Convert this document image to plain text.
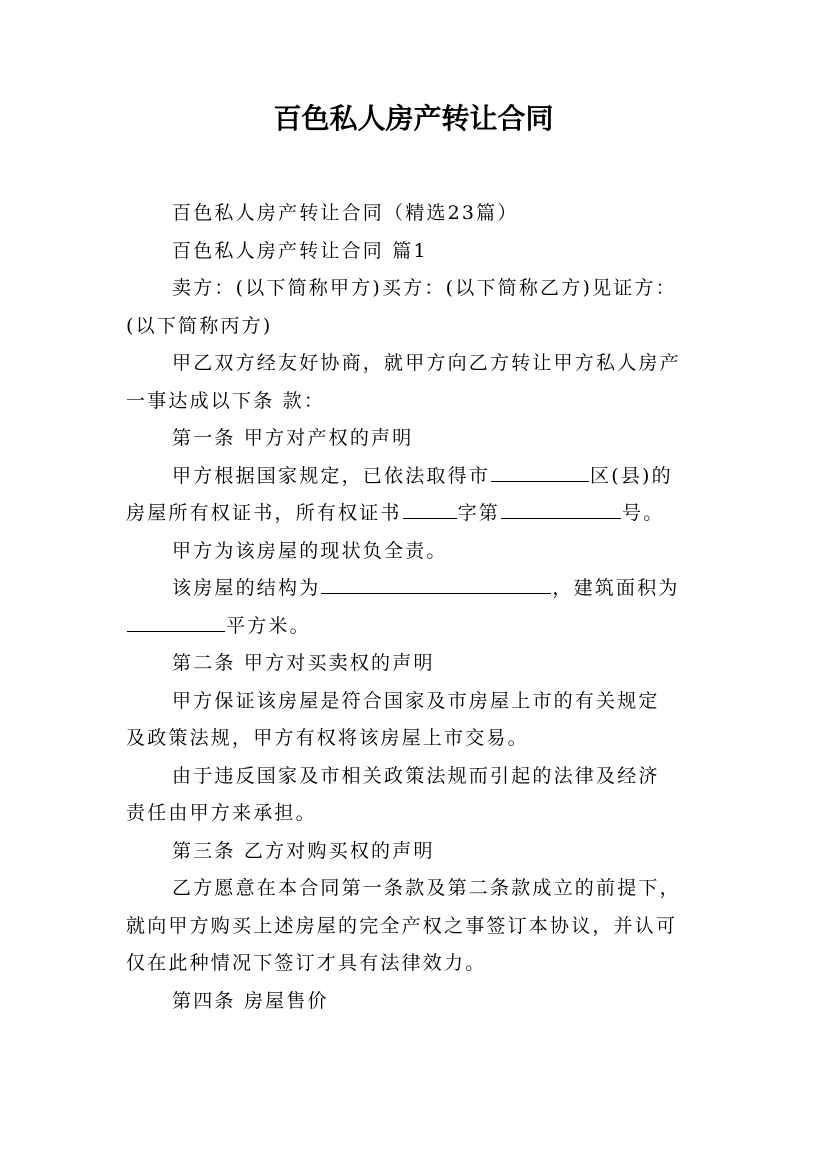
百色私人房产转让合同

百色私人房产转让合同（精选23篇）

百色私人房产转让合同 篇1

卖方：(以下简称甲方)买方：(以下简称乙方)见证方：

(以下简称丙方)

甲乙双方经友好协商，就甲方向乙方转让甲方私人房产

一事达成以下条 款：

第一条 甲方对产权的声明

甲方根据国家规定，已依法取得市	区(县)的

房屋所有权证书，所有权证书	字第	号。

甲方为该房屋的现状负全责。

该房屋的结构为	，建筑面积为

平方米。

第二条 甲方对买卖权的声明

甲方保证该房屋是符合国家及市房屋上市的有关规定

及政策法规，甲方有权将该房屋上市交易。

由于违反国家及市相关政策法规而引起的法律及经济

责任由甲方来承担。

第三条 乙方对购买权的声明

乙方愿意在本合同第一条款及第二条款成立的前提下，

就向甲方购买上述房屋的完全产权之事签订本协议，并认可

仅在此种情况下签订才具有法律效力。

第四条 房屋售价
